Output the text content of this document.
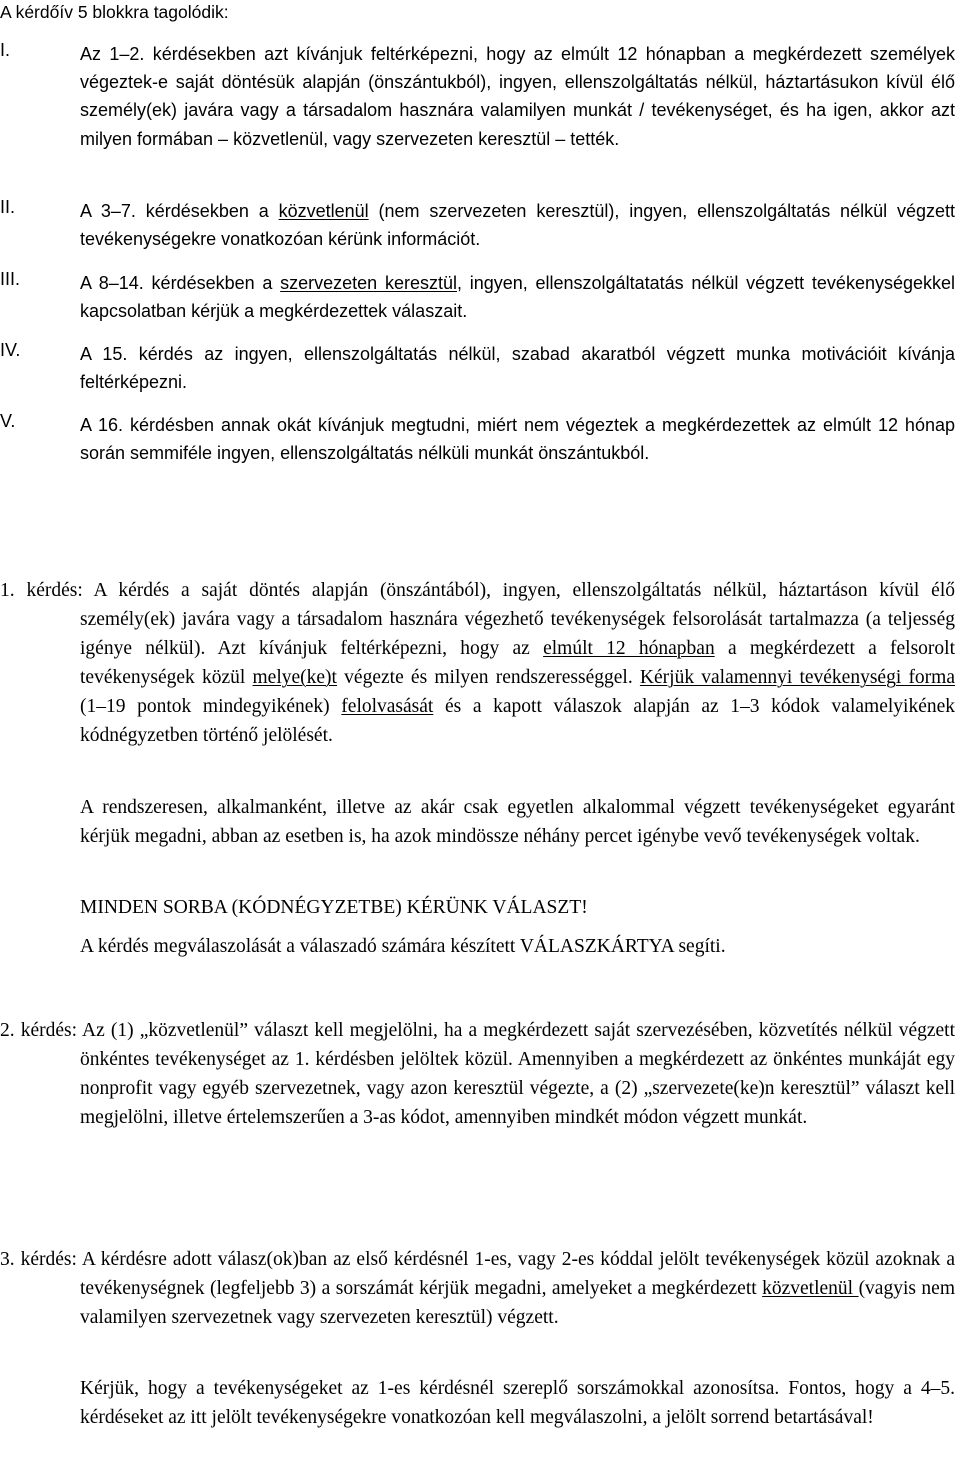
A kérdőív 5 blokkra tagolódik:
I.	Az 1–2. kérdésekben azt kívánjuk feltérképezni, hogy az elmúlt 12 hónapban a megkérdezett személyek végeztek-e saját döntésük alapján (önszántukból), ingyen, ellenszolgáltatás nélkül, háztartásukon kívül élő személy(ek) javára vagy a társadalom hasznára valamilyen munkát / tevékenységet, és ha igen, akkor azt milyen formában – közvetlenül, vagy szervezeten keresztül – tették.
II.	A 3–7. kérdésekben a közvetlenül (nem szervezeten keresztül), ingyen, ellenszolgáltatás nélkül végzett tevékenységekre vonatkozóan kérünk információt.
III.	A 8–14. kérdésekben a szervezeten keresztül, ingyen, ellenszolgáltatatás nélkül végzett tevékenységekkel kapcsolatban kérjük a megkérdezettek válaszait.
IV.	A 15. kérdés az ingyen, ellenszolgáltatás nélkül, szabad akaratból végzett munka motivációit kívánja feltérképezni.
V.	A 16. kérdésben annak okát kívánjuk megtudni, miért nem végeztek a megkérdezettek az elmúlt 12 hónap során semmiféle ingyen, ellenszolgáltatás nélküli munkát önszántukból.
1. kérdés: A kérdés a saját döntés alapján (önszántából), ingyen, ellenszolgáltatás nélkül, háztartáson kívül élő személy(ek) javára vagy a társadalom hasznára végezhető tevékenységek felsorolását tartalmazza (a teljesség igénye nélkül). Azt kívánjuk feltérképezni, hogy az elmúlt 12 hónapban a megkérdezett a felsorolt tevékenységek közül melye(ke)t végezte és milyen rendszerességgel. Kérjük valamennyi tevékenységi forma (1–19 pontok mindegyikének) felolvasását és a kapott válaszok alapján az 1–3 kódok valamelyikének kódnégyzetben történő jelölését.
A rendszeresen, alkalmanként, illetve az akár csak egyetlen alkalommal végzett tevékenységeket egyaránt kérjük megadni, abban az esetben is, ha azok mindössze néhány percet igénybe vevő tevékenységek voltak.
MINDEN SORBA (KÓDNÉGYZETBE) KÉRÜNK VÁLASZT!
A kérdés megválaszolását a válaszadó számára készített VÁLASZKÁRTYA segíti.
2. kérdés: Az (1) „közvetlenül” választ kell megjelölni, ha a megkérdezett saját szervezésében, közvetítés nélkül végzett önkéntes tevékenységet az 1. kérdésben jelöltek közül. Amennyiben a megkérdezett az önkéntes munkáját egy nonprofit vagy egyéb szervezetnek, vagy azon keresztül végezte, a (2) „szervezete(ke)n keresztül” választ kell megjelölni, illetve értelemszerűen a 3-as kódot, amennyiben mindkét módon végzett munkát.
3. kérdés: A kérdésre adott válasz(ok)ban az első kérdésnél 1-es, vagy 2-es kóddal jelölt tevékenységek közül azoknak a tevékenységnek (legfeljebb 3) a sorszámát kérjük megadni, amelyeket a megkérdezett közvetlenül (vagyis nem valamilyen szervezetnek vagy szervezeten keresztül) végzett.
Kérjük, hogy a tevékenységeket az 1-es kérdésnél szereplő sorszámokkal azonosítsa. Fontos, hogy a 4–5. kérdéseket az itt jelölt tevékenységekre vonatkozóan kell megválaszolni, a jelölt sorrend betartásával!
